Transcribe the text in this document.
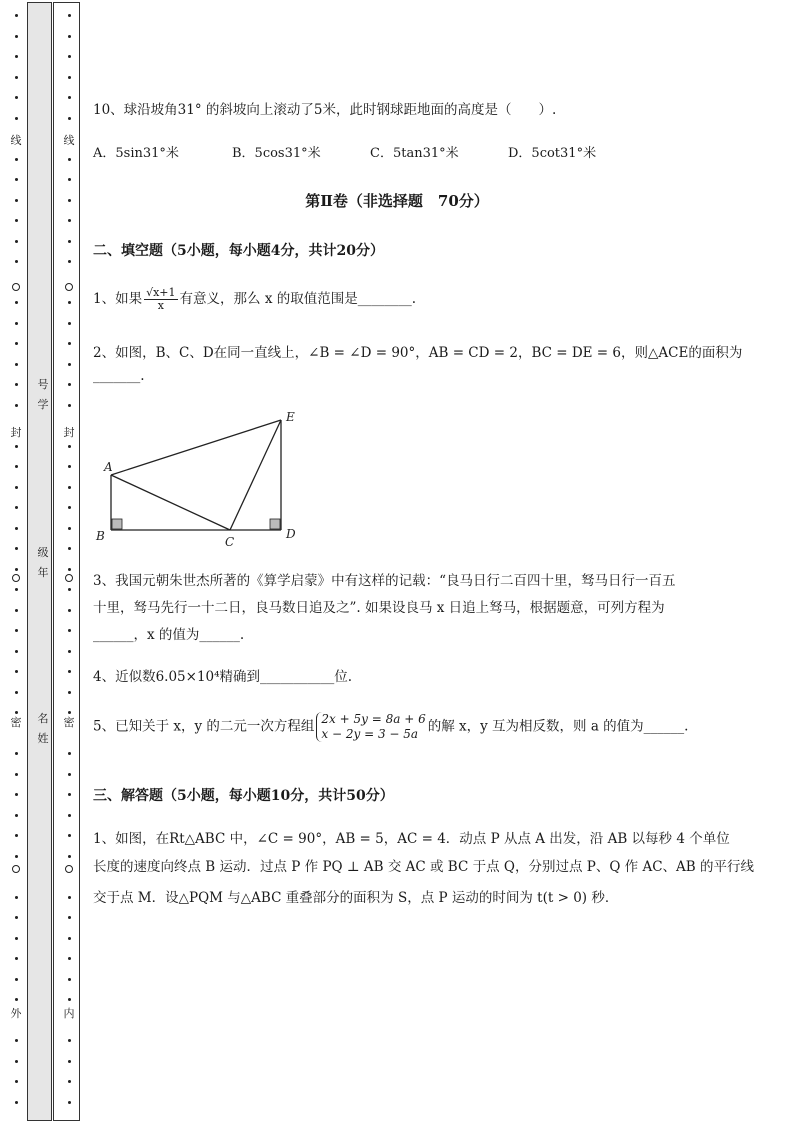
线
封
密
外
线
封
密
内
号
学
级
年
名
姓
10、球沿坡角31° 的斜坡向上滚动了5米，此时钢球距地面的高度是（　　）.
A．5sin31°米	B．5cos31°米	C．5tan31°米	D．5cot31°米
第Ⅱ卷（非选择题　70分）
二、填空题（5小题，每小题4分，共计20分）
1、如果 $\frac{√x+1}{x}$ 有意义，那么 x 的取值范围是________.
2、如图，B、C、D在同一直线上，∠B = ∠D = 90°，AB = CD = 2，BC = DE = 6，则△ACE的面积为
_______.
A
B	C
D
E
3、我国元朝朱世杰所著的《算学启蒙》中有这样的记载：“良马日行二百四十里，驽马日行一百五
十里，驽马先行一十二日，良马数日追及之”. 如果设良马 x 日追上驽马，根据题意，可列方程为
______，x 的值为______.
4、近似数6.05×10⁴精确到___________位.
5、已知关于 x，y 的二元一次方程组 2x + 5y = 8a + 6
x − 2y = 3 − 5a 的解 x，y 互为相反数，则 a 的值为______.
三、解答题（5小题，每小题10分，共计50分）
1、如图，在Rt△ABC 中，∠C = 90°，AB = 5，AC = 4．动点 P 从点 A 出发，沿 AB 以每秒 4 个单位
长度的速度向终点 B 运动．过点 P 作 PQ ⊥ AB 交 AC 或 BC 于点 Q，分别过点 P、Q 作 AC、AB 的平行线
交于点 M．设△PQM 与△ABC 重叠部分的面积为 S，点 P 运动的时间为 t(t > 0) 秒．
